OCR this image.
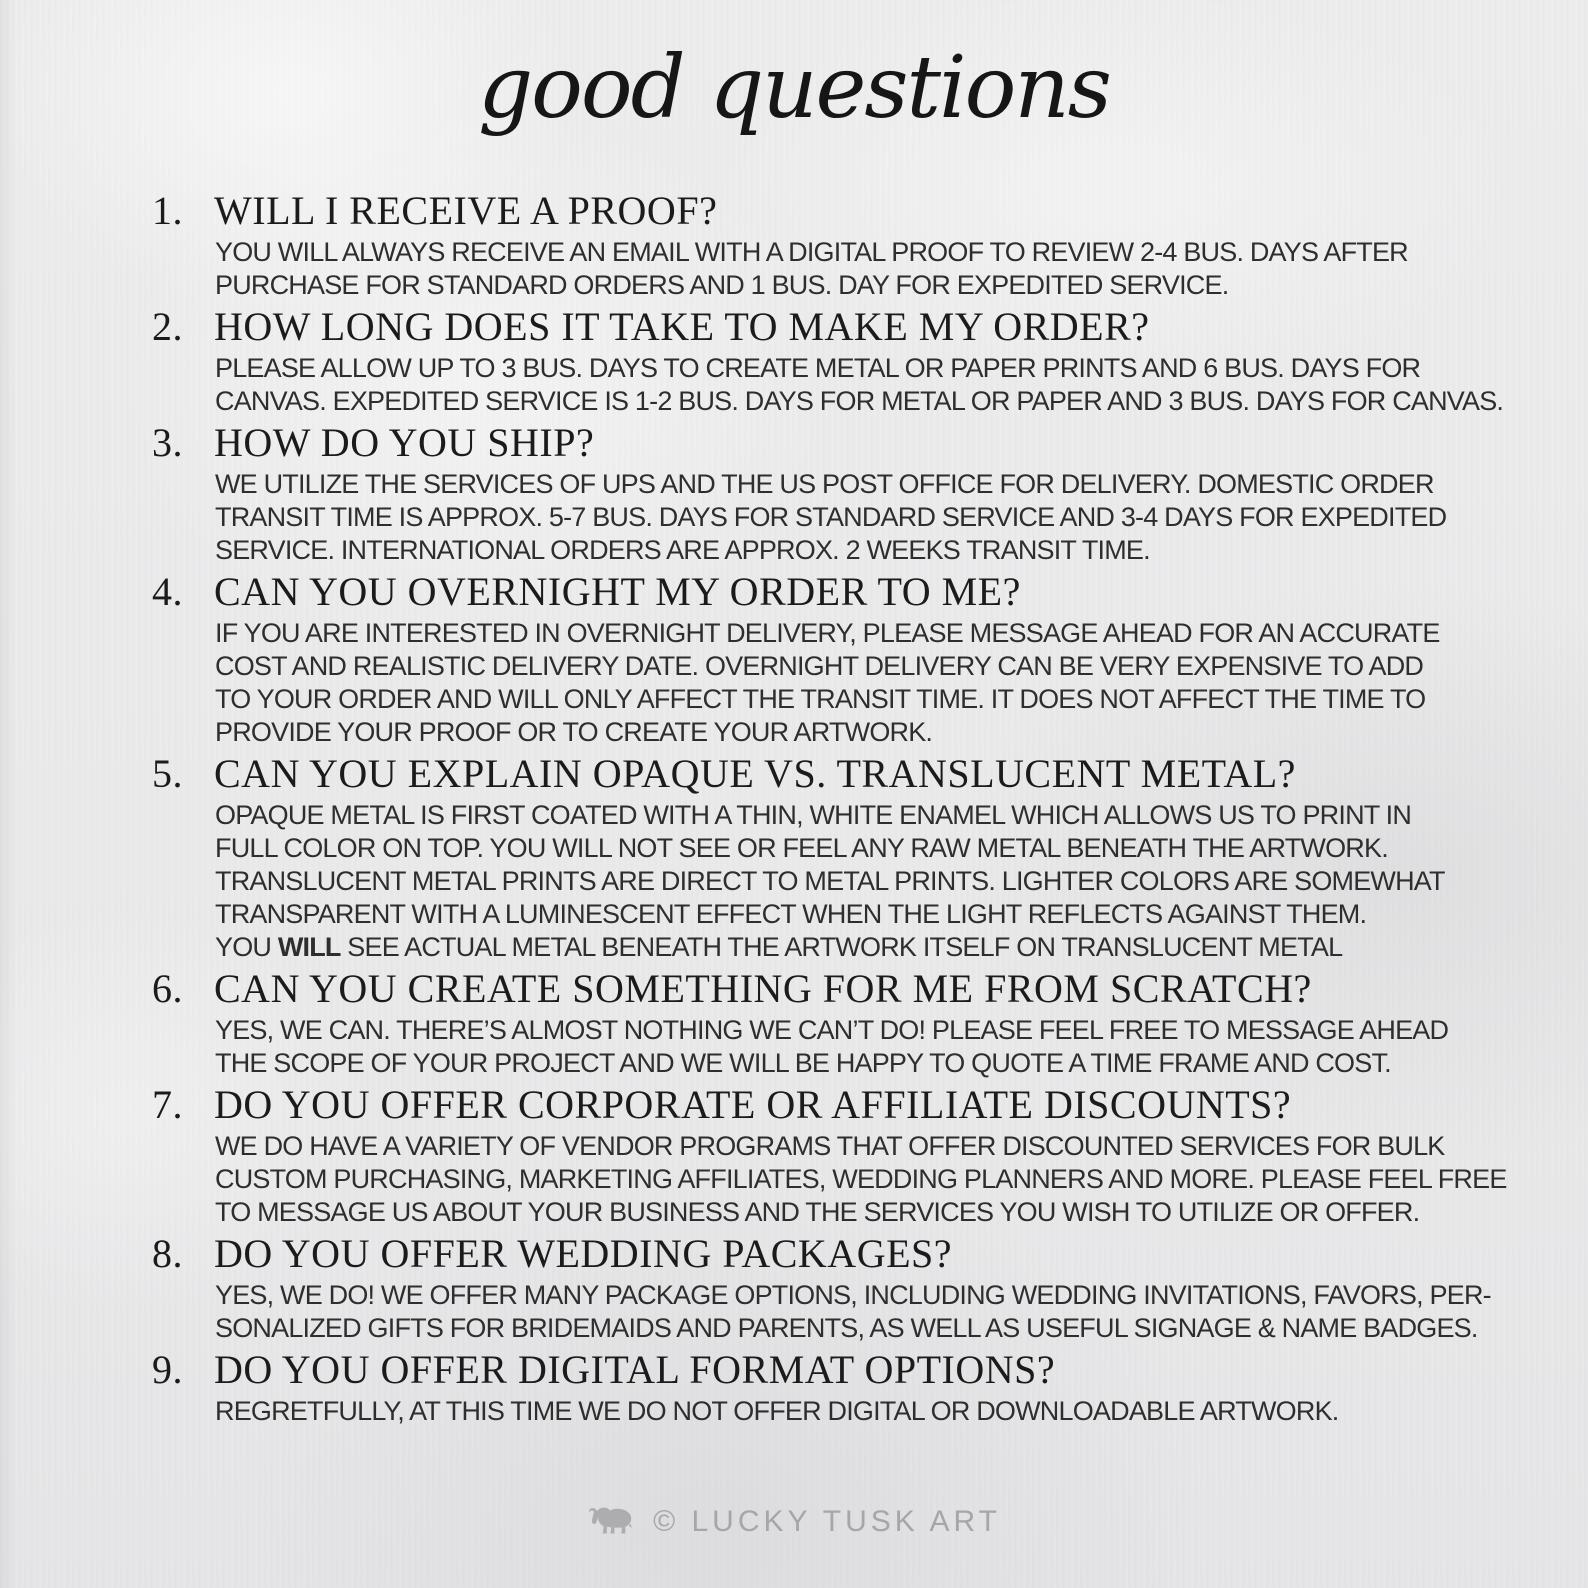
good questions
1. WILL I RECEIVE A PROOF?
YOU WILL ALWAYS RECEIVE AN EMAIL WITH A DIGITAL PROOF TO REVIEW 2-4 BUS. DAYS AFTER
PURCHASE FOR STANDARD ORDERS AND 1 BUS. DAY FOR EXPEDITED SERVICE.
2. HOW LONG DOES IT TAKE TO MAKE MY ORDER?
PLEASE ALLOW UP TO 3 BUS. DAYS TO CREATE METAL OR PAPER PRINTS AND 6 BUS. DAYS FOR
CANVAS. EXPEDITED SERVICE IS 1-2 BUS. DAYS FOR METAL OR PAPER AND 3 BUS. DAYS FOR CANVAS.
3. HOW DO YOU SHIP?
WE UTILIZE THE SERVICES OF UPS AND THE US POST OFFICE FOR DELIVERY. DOMESTIC ORDER
TRANSIT TIME IS APPROX. 5-7 BUS. DAYS FOR STANDARD SERVICE AND 3-4 DAYS FOR EXPEDITED
SERVICE. INTERNATIONAL ORDERS ARE APPROX. 2 WEEKS TRANSIT TIME.
4. CAN YOU OVERNIGHT MY ORDER TO ME?
IF YOU ARE INTERESTED IN OVERNIGHT DELIVERY, PLEASE MESSAGE AHEAD FOR AN ACCURATE
COST AND REALISTIC DELIVERY DATE. OVERNIGHT DELIVERY CAN BE VERY EXPENSIVE TO ADD
TO YOUR ORDER AND WILL ONLY AFFECT THE TRANSIT TIME. IT DOES NOT AFFECT THE TIME TO
PROVIDE YOUR PROOF OR TO CREATE YOUR ARTWORK.
5. CAN YOU EXPLAIN OPAQUE VS. TRANSLUCENT METAL?
OPAQUE METAL IS FIRST COATED WITH A THIN, WHITE ENAMEL WHICH ALLOWS US TO PRINT IN
FULL COLOR ON TOP. YOU WILL NOT SEE OR FEEL ANY RAW METAL BENEATH THE ARTWORK.
TRANSLUCENT METAL PRINTS ARE DIRECT TO METAL PRINTS. LIGHTER COLORS ARE SOMEWHAT
TRANSPARENT WITH A LUMINESCENT EFFECT WHEN THE LIGHT REFLECTS AGAINST THEM.
YOU WILL SEE ACTUAL METAL BENEATH THE ARTWORK ITSELF ON TRANSLUCENT METAL
6. CAN YOU CREATE SOMETHING FOR ME FROM SCRATCH?
YES, WE CAN. THERE’S ALMOST NOTHING WE CAN’T DO! PLEASE FEEL FREE TO MESSAGE AHEAD
THE SCOPE OF YOUR PROJECT AND WE WILL BE HAPPY TO QUOTE A TIME FRAME AND COST.
7. DO YOU OFFER CORPORATE OR AFFILIATE DISCOUNTS?
WE DO HAVE A VARIETY OF VENDOR PROGRAMS THAT OFFER DISCOUNTED SERVICES FOR BULK
CUSTOM PURCHASING, MARKETING AFFILIATES, WEDDING PLANNERS AND MORE. PLEASE FEEL FREE
TO MESSAGE US ABOUT YOUR BUSINESS AND THE SERVICES YOU WISH TO UTILIZE OR OFFER.
8. DO YOU OFFER WEDDING PACKAGES?
YES, WE DO! WE OFFER MANY PACKAGE OPTIONS, INCLUDING WEDDING INVITATIONS, FAVORS, PER-
SONALIZED GIFTS FOR BRIDEMAIDS AND PARENTS, AS WELL AS USEFUL SIGNAGE & NAME BADGES.
9. DO YOU OFFER DIGITAL FORMAT OPTIONS?
REGRETFULLY, AT THIS TIME WE DO NOT OFFER DIGITAL OR DOWNLOADABLE ARTWORK.
© LUCKY TUSK ART
